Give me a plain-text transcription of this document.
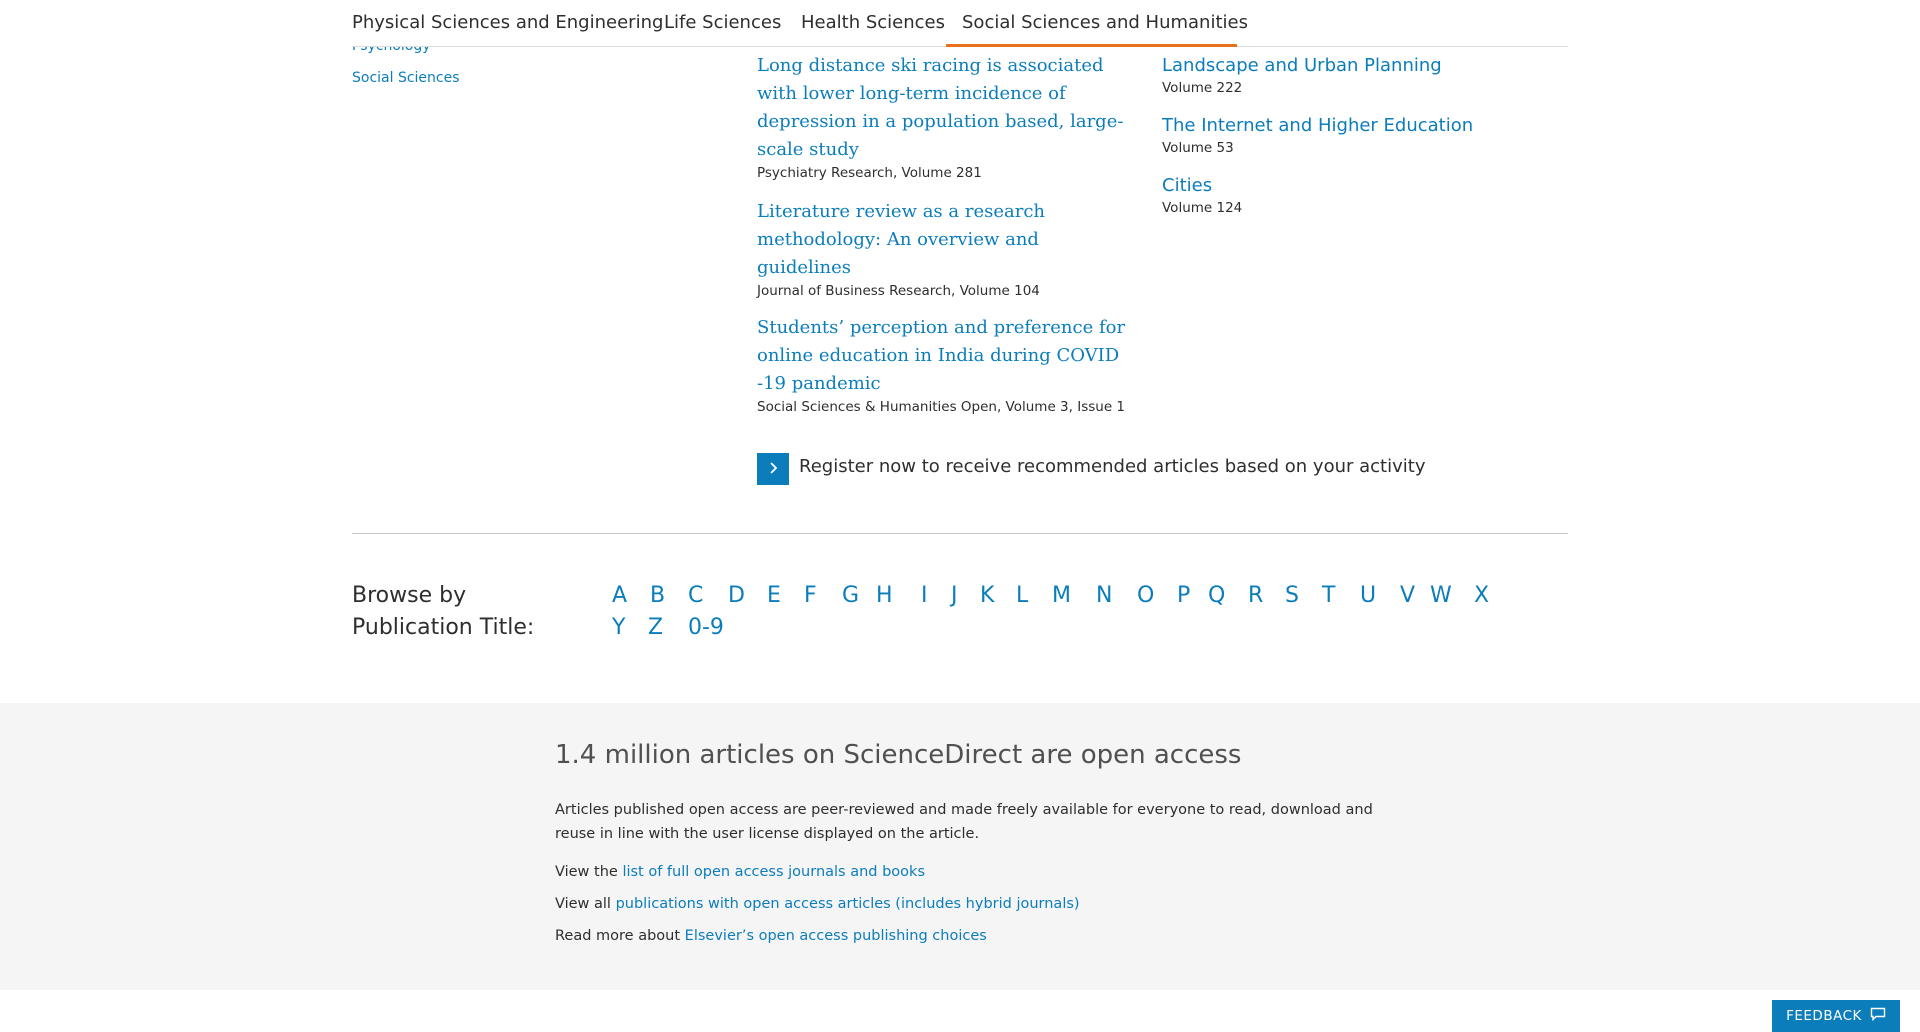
Social Sciences
Physical Sciences and Engineering Life Sciences Health Sciences Social Sciences and Humanities
Long distance ski racing is associated with lower long-term incidence of depression in a population based, large-scale study
Psychiatry Research, Volume 281
Literature review as a research methodology: An overview and guidelines
Journal of Business Research, Volume 104
Students’ perception and preference for online education in India during COVID -19 pandemic
Social Sciences & Humanities Open, Volume 3, Issue 1
Landscape and Urban Planning
Volume 222
The Internet and Higher Education
Volume 53
Cities
Volume 124
Register now to receive recommended articles based on your activity
Browse by Publication Title:
A	B	C	D	E	F	G H	I	J	K L	M	N	O	P Q	R S	T	U	V W	X
Y	Z	0-9
1.4 million articles on ScienceDirect are open access
Articles published open access are peer-reviewed and made freely available for everyone to read, download and reuse in line with the user license displayed on the article.
View the list of full open access journals and books
View all publications with open access articles (includes hybrid journals)
Read more about Elsevier’s open access publishing choices
FEEDBACK
